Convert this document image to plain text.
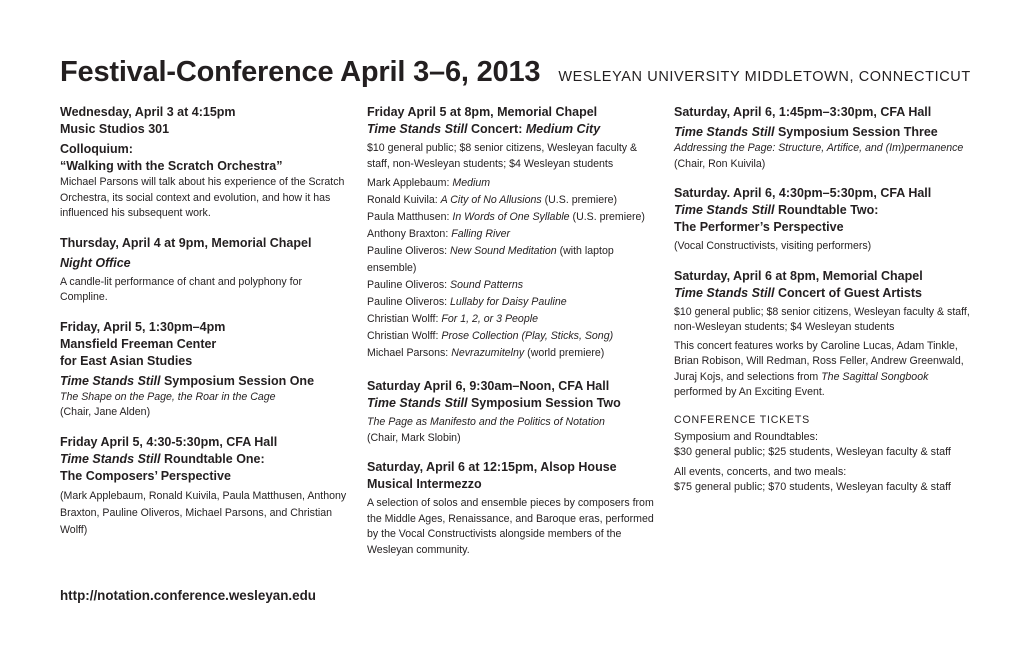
Festival-Conference April 3–6, 2013 WESLEYAN UNIVERSITY MIDDLETOWN, CONNECTICUT
Wednesday, April 3 at 4:15pm
Music Studios 301
Colloquium:
“Walking with the Scratch Orchestra”
Michael Parsons will talk about his experience of the Scratch Orchestra, its social context and evolution, and how it has influenced his subsequent work.
Thursday, April 4 at 9pm, Memorial Chapel
Night Office
A candle-lit performance of chant and polyphony for Compline.
Friday, April 5, 1:30pm–4pm
Mansfield Freeman Center
for East Asian Studies
Time Stands Still Symposium Session One
The Shape on the Page, the Roar in the Cage
(Chair, Jane Alden)
Friday April 5, 4:30-5:30pm, CFA Hall
Time Stands Still Roundtable One:
The Composers’ Perspective
(Mark Applebaum, Ronald Kuivila, Paula Matthusen, Anthony Braxton, Pauline Oliveros, Michael Parsons, and Christian Wolff)
http://notation.conference.wesleyan.edu
Friday April 5 at 8pm, Memorial Chapel
Time Stands Still Concert: Medium City
$10 general public; $8 senior citizens, Wesleyan faculty & staff, non-Wesleyan students; $4 Wesleyan students
Mark Applebaum: Medium
Ronald Kuivila: A City of No Allusions (U.S. premiere)
Paula Matthusen: In Words of One Syllable (U.S. premiere)
Anthony Braxton: Falling River
Pauline Oliveros: New Sound Meditation (with laptop ensemble)
Pauline Oliveros: Sound Patterns
Pauline Oliveros: Lullaby for Daisy Pauline
Christian Wolff: For 1, 2, or 3 People
Christian Wolff: Prose Collection (Play, Sticks, Song)
Michael Parsons: Nevrazumitelny (world premiere)
Saturday April 6, 9:30am–Noon, CFA Hall
Time Stands Still Symposium Session Two
The Page as Manifesto and the Politics of Notation
(Chair, Mark Slobin)
Saturday, April 6 at 12:15pm, Alsop House
Musical Intermezzo
A selection of solos and ensemble pieces by composers from the Middle Ages, Renaissance, and Baroque eras, performed by the Vocal Constructivists alongside members of the Wesleyan community.
Saturday, April 6, 1:45pm–3:30pm, CFA Hall
Time Stands Still Symposium Session Three
Addressing the Page: Structure, Artifice, and (Im)permanence
(Chair, Ron Kuivila)
Saturday. April 6, 4:30pm–5:30pm, CFA Hall
Time Stands Still Roundtable Two:
The Performer’s Perspective
(Vocal Constructivists, visiting performers)
Saturday, April 6 at 8pm, Memorial Chapel
Time Stands Still Concert of Guest Artists
$10 general public; $8 senior citizens, Wesleyan faculty & staff,
non-Wesleyan students; $4 Wesleyan students
This concert features works by Caroline Lucas, Adam Tinkle, Brian Robison, Will Redman, Ross Feller, Andrew Greenwald, Juraj Kojs, and selections from The Sagittal Songbook performed by An Exciting Event.
CONFERENCE TICKETS
Symposium and Roundtables:
$30 general public; $25 students, Wesleyan faculty & staff
All events, concerts, and two meals:
$75 general public; $70 students, Wesleyan faculty & staff
